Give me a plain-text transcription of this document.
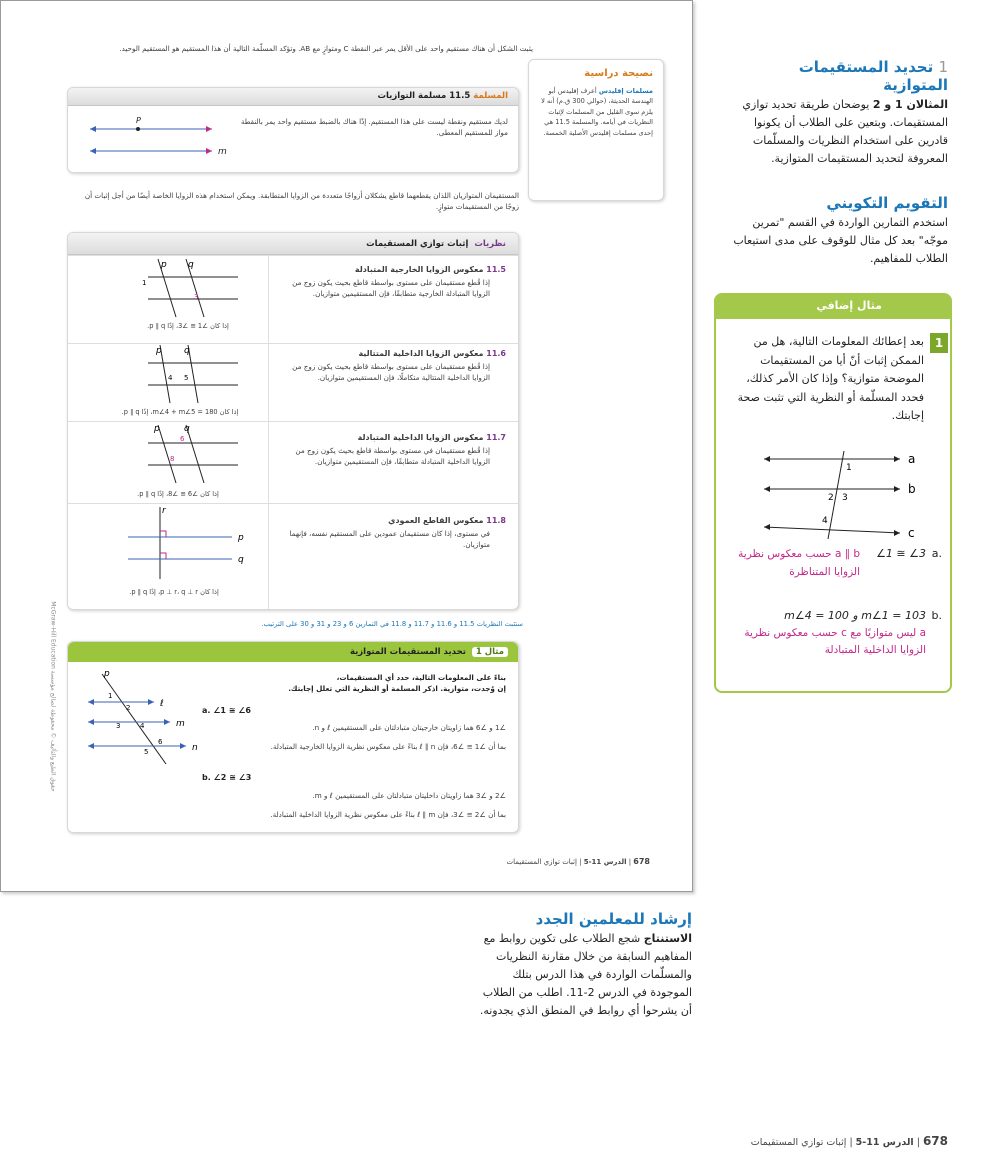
يثبت الشكل أن هناك مستقيم واحد على الأقل يمر عبر النقطة C ومتوازٍ مع AB. وتؤكد المسلّمة التالية أن هذا المستقيم هو المستقيم الوحيد.
نصيحة دراسية
مسلمات إقليدس أعرف إقليدس أبو الهندسة الحديثة، (حوالي 300 ق.م) أنه لا يلزم سوى القليل من المسلمات لإثبات النظريات في أيامه. والمسلمة 11.5 هي إحدى مسلمات إقليدس الأصلية الخمسة.
المسلمة 11.5 مسلمة التوازيات
لديك مستقيم ونقطة ليست على هذا المستقيم. إذًا هناك بالضبط مستقيم واحد يمر بالنقطة مواز للمستقيم المعطى.
P
m
المستقيمان المتوازيان اللذان يقطعهما قاطع يشكلان أزواجًا متعددة من الزوايا المتطابقة. ويمكن استخدام هذه الزوايا الخاصة أيضًا من أجل إثبات أن زوجًا من المستقيمات متوازٍ.
نظريات  إثبات توازي المستقيمات
11.5 معكوس الزوايا الخارجية المتبادلة
إذا قُطع مستقيمان على مستوى بواسطة قاطع بحيث يكون زوج من الزوايا المتبادلة الخارجية متطابقًا، فإن المستقيمين متوازيان.
إذا كان ∠1 ≅ ∠3، إذًا p ∥ q.
p q
1
3
11.6 معكوس الزوايا الداخلية المتتالية
إذا قُطع مستقيمان على مستوى بواسطة قاطع بحيث يكون زوج من الزوايا الداخلية المتتالية متكاملًا، فإن المستقيمين متوازيان.
إذا كان m∠4 + m∠5 = 180، إذًا p ∥ q.
p q
4 5
11.7 معكوس الزوايا الداخلية المتبادلة
إذا قُطع مستقيمان في مستوى بواسطة قاطع بحيث يكون زوج من الزوايا الداخلية المتبادلة متطابقًا، فإن المستقيمين متوازيان.
إذا كان ∠6 ≅ ∠8، إذًا p ∥ q.
p	q
6
8
11.8 معكوس القاطع العمودي
في مستوى، إذا كان مستقيمان عمودين على المستقيم نفسه، فإنهما متوازيان.
إذا كان p ⊥ r، q ⊥ r، إذًا p ∥ q.
r
p
q
ستثبت النظريات 11.5 و 11.6 و 11.7 و 11.8 في التمارين 6 و 23 و 31 و 30 على الترتيب.
مثال 1  تحديد المستقيمات المتوازية
بناءً على المعلومات التالية، حدد أي المستقيمات،
إن وُجدت، متوازية. اذكر المسلمة أو النظرية التي تعلل إجابتك.
a. ∠1 ≅ ∠6
∠1 و ∠6 هما زاويتان خارجيتان متبادلتان على المستقيمين ℓ و n.
بما أن ∠1 ≅ ∠6، فإن ℓ ∥ n بناءً على معكوس نظرية الزوايا الخارجية المتبادلة.
b. ∠2 ≅ ∠3
∠2 و ∠3 هما زاويتان داخليتان متبادلتان على المستقيمين ℓ و m.
بما أن ∠2 ≅ ∠3، فإن ℓ ∥ m بناءً على معكوس نظرية الزوايا الداخلية المتبادلة.
p
ℓ
m
n
1
2
3	4
5
6
حقوق الطبع والتأليف © محفوظة لصالح مؤسسة McGraw-Hill Education
678 | الدرس 11-5 | إثبات توازي المستقيمات
1 تحديد المستقيمات المتوازية
المثالان 1 و 2 يوضحان طريقة تحديد توازي المستقيمات. وبتعين على الطلاب أن يكونوا قادرين على استخدام النظريات والمسلّمات المعروفة لتحديد المستقيمات المتوازية.
التقويم التكويني
استخدم التمارين الواردة في القسم "تمرين موجّه" بعد كل مثال للوقوف على مدى استيعاب الطلاب للمفاهيم.
مثال إضافي
1
بعد إعطائك المعلومات التالية، هل من الممكن إثبات أنّ أيا من المستقيمات الموضحة متوازية؟ وإذا كان الأمر كذلك، فحدد المسلّمة أو النظرية التي تثبت صحة إجابتك.
a
b
c
1
2 3
4
a.
∠1 ≅ ∠3
a ∥ b حسب معكوس نظرية الزوايا المتناظرة
b.
m∠1 = 103 و m∠4 = 100
a ليس متوازيًا مع c حسب معكوس نظرية الزوايا الداخلية المتبادلة
إرشاد للمعلمين الجدد
الاستنتاج شجع الطلاب على تكوين روابط مع المفاهيم السابقة من خلال مقارنة النظريات والمسلّمات الواردة في هذا الدرس بتلك الموجودة في الدرس 2-11. اطلب من الطلاب أن يشرحوا أي روابط في المنطق الذي يجدونه.
678 | الدرس 11-5 | إثبات توازي المستقيمات
